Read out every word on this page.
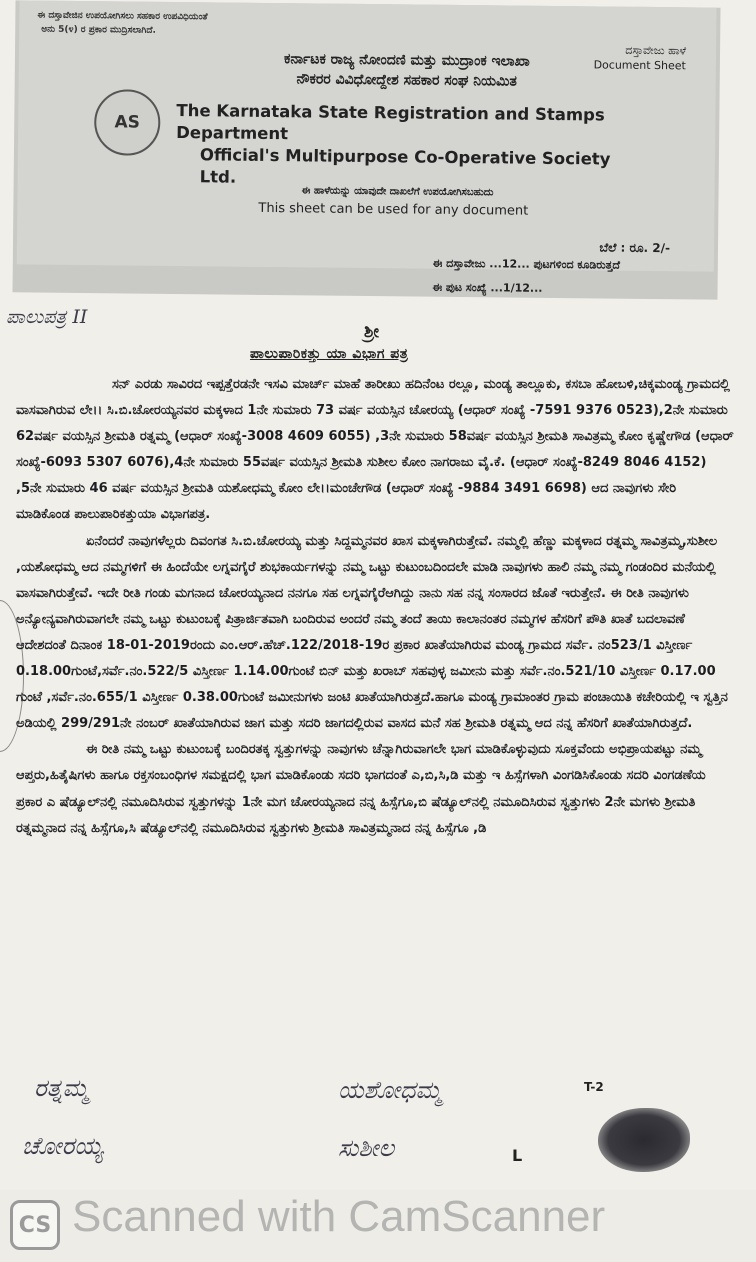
ಈ ದಸ್ತಾವೇಜಿನ ಉಪಯೋಗಿಸಲು ಸಹಕಾರ ಉಪವಿಧಿಯಂತೆ
ಅನು 5(೪) ರ ಪ್ರಕಾರ ಮುದ್ರಿಸಲಾಗಿದೆ.
ದಸ್ತಾವೇಜು ಹಾಳೆ
Document Sheet
AS
ಕರ್ನಾಟಕ ರಾಜ್ಯ ನೋಂದಣಿ ಮತ್ತು ಮುದ್ರಾಂಕ ಇಲಾಖಾ
ನೌಕರರ ವಿವಿಧೋದ್ದೇಶ ಸಹಕಾರ ಸಂಘ ನಿಯಮಿತ
The Karnataka State Registration and Stamps Department
Official's Multipurpose Co-Operative Society Ltd.
ಈ ಹಾಳೆಯನ್ನು ಯಾವುದೇ ದಾಖಲೆಗೆ ಉಪಯೋಗಿಸಬಹುದು
This sheet can be used for any document
ಬೆಲೆ : ರೂ. 2/-
ಈ ದಸ್ತಾವೇಜು ...12... ಪುಟಗಳಿಂದ ಕೂಡಿರುತ್ತದೆ
ಈ ಪುಟ ಸಂಖ್ಯೆ ...1/12...
ಪಾಲುಪತ್ರ II
ಶ್ರೀ
ಪಾಲುಪಾರಿಕತ್ತು ಯಾ ವಿಭಾಗ ಪತ್ರ

ಸನ್ ಎರಡು ಸಾವಿರದ ಇಪ್ಪತ್ತೆರಡನೇ ಇಸವಿ ಮಾರ್ಚ್ ಮಾಹೆ ತಾರೀಖು ಹದಿನೆಂಟ ರಲ್ಲೂ, ಮಂಡ್ಯ ತಾಲ್ಲೂಕು, ಕಸಬಾ ಹೋಬಳಿ,ಚಿಕ್ಕಮಂಡ್ಯ ಗ್ರಾಮದಲ್ಲಿ ವಾಸವಾಗಿರುವ ಲೇ।। ಸಿ.ಬಿ.ಚೋರಯ್ಯನವರ ಮಕ್ಕಳಾದ 1ನೇ ಸುಮಾರು 73 ವರ್ಷ ವಯಸ್ಸಿನ ಚೋರಯ್ಯ (ಆಧಾರ್ ಸಂಖ್ಯೆ -7591 9376 0523),2ನೇ ಸುಮಾರು 62ವರ್ಷ ವಯಸ್ಸಿನ ಶ್ರೀಮತಿ ರತ್ನಮ್ಮ (ಆಧಾರ್ ಸಂಖ್ಯೆ-3008 4609 6055) ,3ನೇ ಸುಮಾರು 58ವರ್ಷ ವಯಸ್ಸಿನ ಶ್ರೀಮತಿ ಸಾವಿತ್ರಮ್ಮ ಕೋಂ ಕೃಷ್ಣೇಗೌಡ (ಆಧಾರ್ ಸಂಖ್ಯೆ-6093 5307 6076),4ನೇ ಸುಮಾರು 55ವರ್ಷ ವಯಸ್ಸಿನ ಶ್ರೀಮತಿ ಸುಶೀಲ ಕೋಂ ನಾಗರಾಜು ವೈ.ಕೆ. (ಆಧಾರ್ ಸಂಖ್ಯೆ-8249 8046 4152) ,5ನೇ ಸುಮಾರು 46 ವರ್ಷ ವಯಸ್ಸಿನ ಶ್ರೀಮತಿ ಯಶೋಧಮ್ಮ ಕೋಂ ಲೇ।।ಮಂಚೇಗೌಡ (ಆಧಾರ್ ಸಂಖ್ಯೆ -9884 3491 6698) ಆದ ನಾವುಗಳು ಸೇರಿ ಮಾಡಿಕೊಂಡ ಪಾಲುಪಾರಿಕತ್ತುಯಾ ವಿಭಾಗಪತ್ರ.

ಏನೆಂದರೆ ನಾವುಗಳೆಲ್ಲರು ದಿವಂಗತ ಸಿ.ಬಿ.ಚೋರಯ್ಯ ಮತ್ತು ಸಿದ್ದಮ್ಮನವರ ಖಾಸ ಮಕ್ಕಳಾಗಿರುತ್ತೇವೆ. ನಮ್ಮಲ್ಲಿ ಹೆಣ್ಣು ಮಕ್ಕಳಾದ ರತ್ನಮ್ಮ ಸಾವಿತ್ರಮ್ಮ,ಸುಶೀಲ ,ಯಶೋಧಮ್ಮ ಆದ ನಮ್ಮಗಳಿಗೆ ಈ ಹಿಂದೆಯೇ ಲಗ್ನವಗೈರೆ ಶುಭಕಾರ್ಯಗಳನ್ನು ನಮ್ಮ ಒಟ್ಟು ಕುಟುಂಬದಿಂದಲೇ ಮಾಡಿ ನಾವುಗಳು ಹಾಲಿ ನಮ್ಮ ನಮ್ಮ ಗಂಡಂದಿರ ಮನೆಯಲ್ಲಿ ವಾಸವಾಗಿರುತ್ತೇವೆ. ಇದೇ ರೀತಿ ಗಂಡು ಮಗನಾದ ಚೋರಯ್ಯನಾದ ನನಗೂ ಸಹ ಲಗ್ನವಗೈರೆಆಗಿದ್ದು ನಾನು ಸಹ ನನ್ನ ಸಂಸಾರದ ಜೊತೆ ಇರುತ್ತೇನೆ. ಈ ರೀತಿ ನಾವುಗಳು ಅನ್ಯೋನ್ಯವಾಗಿರುವಾಗಲೇ ನಮ್ಮ ಒಟ್ಟು ಕುಟುಂಬಕ್ಕೆ ಪಿತ್ರಾರ್ಜಿತವಾಗಿ ಬಂದಿರುವ ಅಂದರೆ ನಮ್ಮ ತಂದೆ ತಾಯಿ ಕಾಲಾನಂತರ ನಮ್ಮಗಳ ಹೆಸರಿಗೆ ಪೌತಿ ಖಾತೆ ಬದಲಾವಣೆ ಆದೇಶದಂತೆ ದಿನಾಂಕ 18-01-2019ರಂದು ಎಂ.ಆರ್.ಹೆಚ್.122/2018-19ರ ಪ್ರಕಾರ ಖಾತೆಯಾಗಿರುವ ಮಂಡ್ಯ ಗ್ರಾಮದ ಸರ್ವೆ. ನಂ523/1 ವಿಸ್ತೀರ್ಣ 0.18.00ಗುಂಟೆ,ಸರ್ವೆ.ನಂ.522/5 ವಿಸ್ತೀರ್ಣ 1.14.00ಗುಂಟೆ ಬಿನ್ ಮತ್ತು ಖರಾಬ್ ಸಹವುಳ್ಳ ಜಮೀನು ಮತ್ತು ಸರ್ವೆ.ನಂ.521/10 ವಿಸ್ತೀರ್ಣ 0.17.00 ಗುಂಟೆ ,ಸರ್ವೆ.ನಂ.655/1 ವಿಸ್ತೀರ್ಣ 0.38.00ಗುಂಟೆ ಜಮೀನುಗಳು ಜಂಟಿ ಖಾತೆಯಾಗಿರುತ್ತದೆ.ಹಾಗೂ ಮಂಡ್ಯ ಗ್ರಾಮಾಂತರ ಗ್ರಾಮ ಪಂಚಾಯಿತಿ ಕಚೇರಿಯಲ್ಲಿ ಇ ಸ್ವತ್ತಿನ ಅಡಿಯಲ್ಲಿ 299/291ನೇ ನಂಬರ್ ಖಾತೆಯಾಗಿರುವ ಜಾಗ ಮತ್ತು ಸದರಿ ಜಾಗದಲ್ಲಿರುವ ವಾಸದ ಮನೆ ಸಹ ಶ್ರೀಮತಿ ರತ್ನಮ್ಮ ಆದ ನನ್ನ ಹೆಸರಿಗೆ ಖಾತೆಯಾಗಿರುತ್ತದೆ.

ಈ ರೀತಿ ನಮ್ಮ ಒಟ್ಟು ಕುಟುಂಬಕ್ಕೆ ಬಂದಿರತಕ್ಕ ಸ್ವತ್ತುಗಳನ್ನು ನಾವುಗಳು ಚೆನ್ನಾಗಿರುವಾಗಲೇ ಭಾಗ ಮಾಡಿಕೊಳ್ಳುವುದು ಸೂಕ್ತವೆಂದು ಅಭಿಪ್ರಾಯಪಟ್ಟು ನಮ್ಮ ಆಪ್ತರು,ಹಿತೈಷಿಗಳು ಹಾಗೂ ರಕ್ತಸಂಬಂಧಿಗಳ ಸಮಕ್ಷದಲ್ಲಿ ಭಾಗ ಮಾಡಿಕೊಂಡು ಸದರಿ ಭಾಗದಂತೆ ಎ,ಬಿ,ಸಿ,ಡಿ ಮತ್ತು ಇ ಹಿಸ್ಸೆಗಳಾಗಿ ವಿಂಗಡಿಸಿಕೊಂಡು ಸದರಿ ವಿಂಗಡಣೆಯ ಪ್ರಕಾರ ಎ ಷೆಡ್ಯೂಲ್‌ನಲ್ಲಿ ನಮೂದಿಸಿರುವ ಸ್ವತ್ತುಗಳನ್ನು 1ನೇ ಮಗ ಚೋರಯ್ಯನಾದ ನನ್ನ ಹಿಸ್ಸೆಗೂ,ಬಿ ಷೆಡ್ಯೂಲ್‌ನಲ್ಲಿ ನಮೂದಿಸಿರುವ ಸ್ವತ್ತುಗಳು 2ನೇ ಮಗಳು ಶ್ರೀಮತಿ ರತ್ನಮ್ಮನಾದ ನನ್ನ ಹಿಸ್ಸೆಗೂ,ಸಿ ಷೆಡ್ಯೂಲ್‌ನಲ್ಲಿ ನಮೂದಿಸಿರುವ ಸ್ವತ್ತುಗಳು ಶ್ರೀಮತಿ ಸಾವಿತ್ರಮ್ಮನಾದ ನನ್ನ ಹಿಸ್ಸೆಗೂ ,ಡಿ

ರತ್ನಮ್ಮ	ಯಶೋಧಮ್ಮ
ಚೋರಯ್ಯ	ಸುಶೀಲ
T-2
L
CS Scanned with CamScanner
